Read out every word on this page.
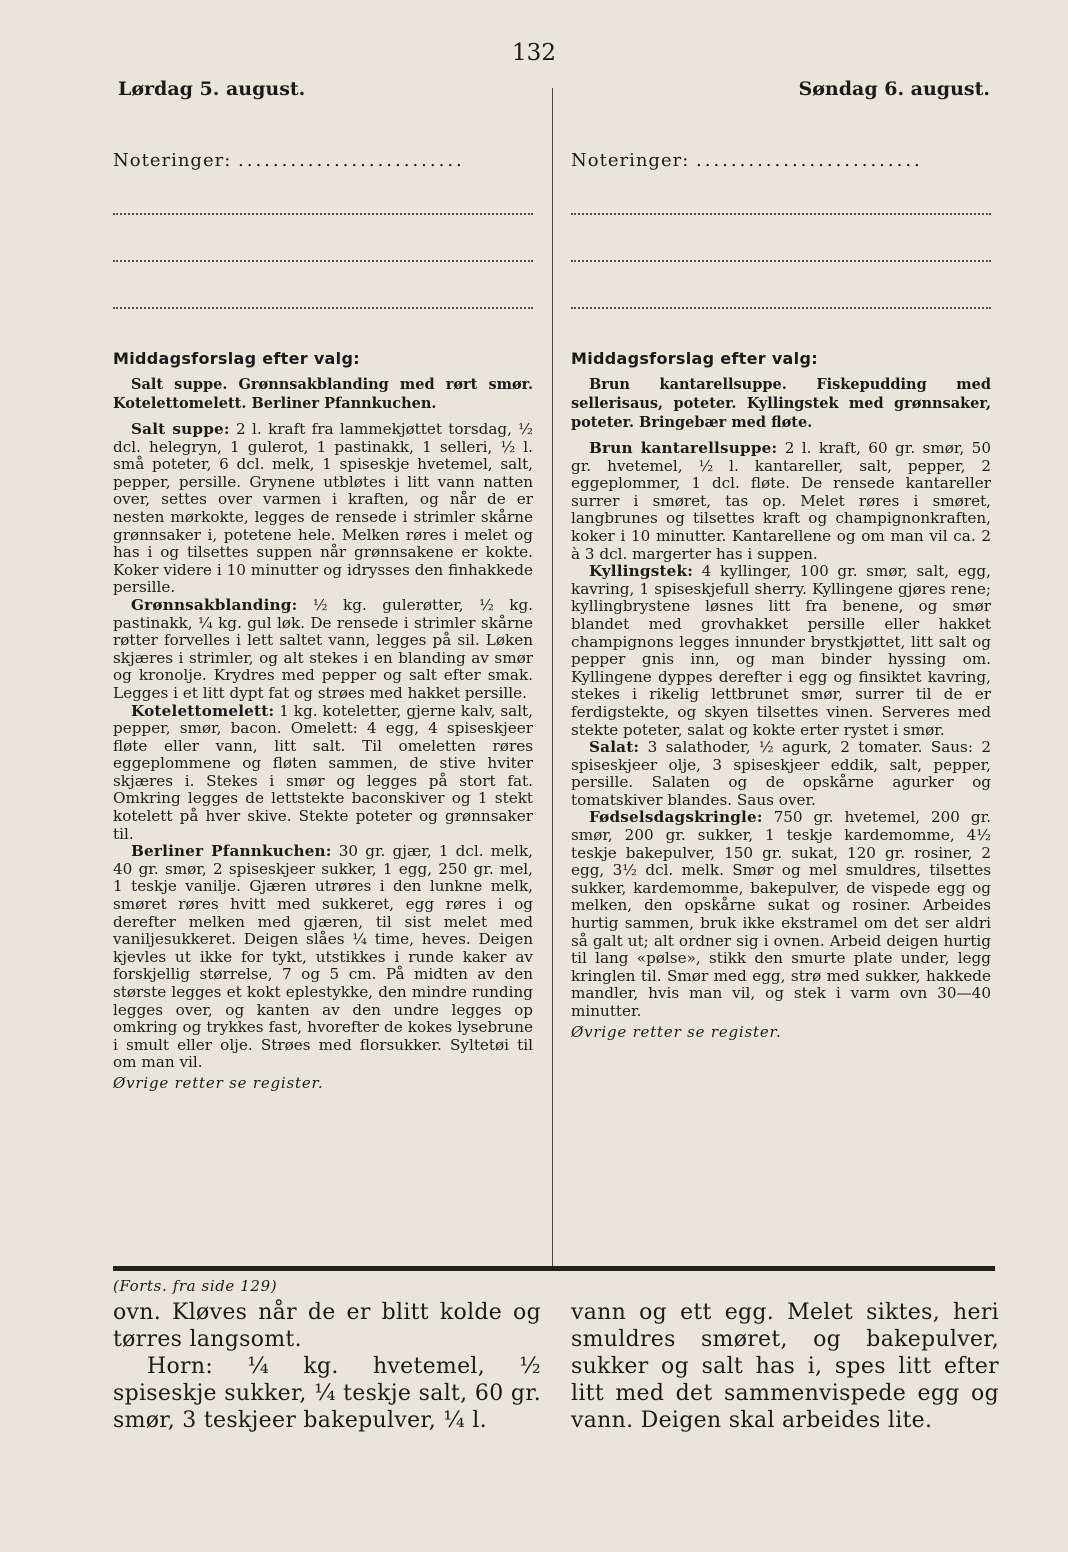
132
Lørdag 5. august.	Søndag 6. august.
Noteringer: ..........................
Middagsforslag efter valg:
Salt suppe. Grønnsakblanding med rørt smør. Kotelettomelett. Berliner Pfannkuchen.

Salt suppe: 2 l. kraft fra lammekjøttet torsdag, ½ dcl. helegryn, 1 gulerot, 1 pastinakk, 1 selleri, ½ l. små poteter, 6 dcl. melk, 1 spiseskje hvetemel, salt, pepper, persille. Grynene utbløtes i litt vann natten over, settes over varmen i kraften, og når de er nesten mørkokte, legges de rensede i strimler skårne grønnsaker i, potetene hele. Melken røres i melet og has i og tilsettes suppen når grønnsakene er kokte. Koker videre i 10 minutter og idrysses den finhakkede persille.

Grønnsakblanding: ½ kg. gulerøtter, ½ kg. pastinakk, ¼ kg. gul løk. De rensede i strimler skårne røtter forvelles i lett saltet vann, legges på sil. Løken skjæres i strimler, og alt stekes i en blanding av smør og kronolje. Krydres med pepper og salt efter smak. Legges i et litt dypt fat og strøes med hakket persille.

Kotelettomelett: 1 kg. koteletter, gjerne kalv, salt, pepper, smør, bacon. Omelett: 4 egg, 4 spiseskjeer fløte eller vann, litt salt. Til omeletten røres eggeplommene og fløten sammen, de stive hviter skjæres i. Stekes i smør og legges på stort fat. Omkring legges de lettstekte baconskiver og 1 stekt kotelett på hver skive. Stekte poteter og grønnsaker til.

Berliner Pfannkuchen: 30 gr. gjær, 1 dcl. melk, 40 gr. smør, 2 spiseskjeer sukker, 1 egg, 250 gr. mel, 1 teskje vanilje. Gjæren utrøres i den lunkne melk, smøret røres hvitt med sukkeret, egg røres i og derefter melken med gjæren, til sist melet med vaniljesukkeret. Deigen slåes ¼ time, heves. Deigen kjevles ut ikke for tykt, utstikkes i runde kaker av forskjellig størrelse, 7 og 5 cm. På midten av den største legges et kokt eplestykke, den mindre runding legges over, og kanten av den undre legges op omkring og trykkes fast, hvorefter de kokes lysebrune i smult eller olje. Strøes med florsukker. Syltetøi til om man vil.

Øvrige retter se register.
Noteringer: ..........................
Middagsforslag efter valg:
Brun kantarellsuppe. Fiskepudding med sellerisaus, poteter. Kyllingstek med grønnsaker, poteter. Bringebær med fløte.

Brun kantarellsuppe: 2 l. kraft, 60 gr. smør, 50 gr. hvetemel, ½ l. kantareller, salt, pepper, 2 eggeplommer, 1 dcl. fløte. De rensede kantareller surrer i smøret, tas op. Melet røres i smøret, langbrunes og tilsettes kraft og champignonkraften, koker i 10 minutter. Kantarellene og om man vil ca. 2 à 3 dcl. margerter has i suppen.

Kyllingstek: 4 kyllinger, 100 gr. smør, salt, egg, kavring, 1 spiseskjefull sherry. Kyllingene gjøres rene; kyllingbrystene løsnes litt fra benene, og smør blandet med grovhakket persille eller hakket champignons legges innunder brystkjøttet, litt salt og pepper gnis inn, og man binder hyssing om. Kyllingene dyppes derefter i egg og finsiktet kavring, stekes i rikelig lettbrunet smør, surrer til de er ferdigstekte, og skyen tilsettes vinen. Serveres med stekte poteter, salat og kokte erter rystet i smør.

Salat: 3 salathoder, ½ agurk, 2 tomater. Saus: 2 spiseskjeer olje, 3 spiseskjeer eddik, salt, pepper, persille. Salaten og de opskårne agurker og tomatskiver blandes. Saus over.

Fødselsdagskringle: 750 gr. hvetemel, 200 gr. smør, 200 gr. sukker, 1 teskje kardemomme, 4½ teskje bakepulver, 150 gr. sukat, 120 gr. rosiner, 2 egg, 3½ dcl. melk. Smør og mel smuldres, tilsettes sukker, kardemomme, bakepulver, de vispede egg og melken, den opskårne sukat og rosiner. Arbeides hurtig sammen, bruk ikke ekstramel om det ser aldri så galt ut; alt ordner sig i ovnen. Arbeid deigen hurtig til lang «pølse», stikk den smurte plate under, legg kringlen til. Smør med egg, strø med sukker, hakkede mandler, hvis man vil, og stek i varm ovn 30—40 minutter.

Øvrige retter se register.
(Forts. fra side 129)

ovn. Kløves når de er blitt kolde og tørres langsomt.

Horn: ¼ kg. hvetemel, ½ spiseskje sukker, ¼ teskje salt, 60 gr. smør, 3 teskjeer bakepulver, ¼ l.

vann og ett egg. Melet siktes, heri smuldres smøret, og bakepulver, sukker og salt has i, spes litt efter litt med det sammenvispede egg og vann. Deigen skal arbeides lite.
